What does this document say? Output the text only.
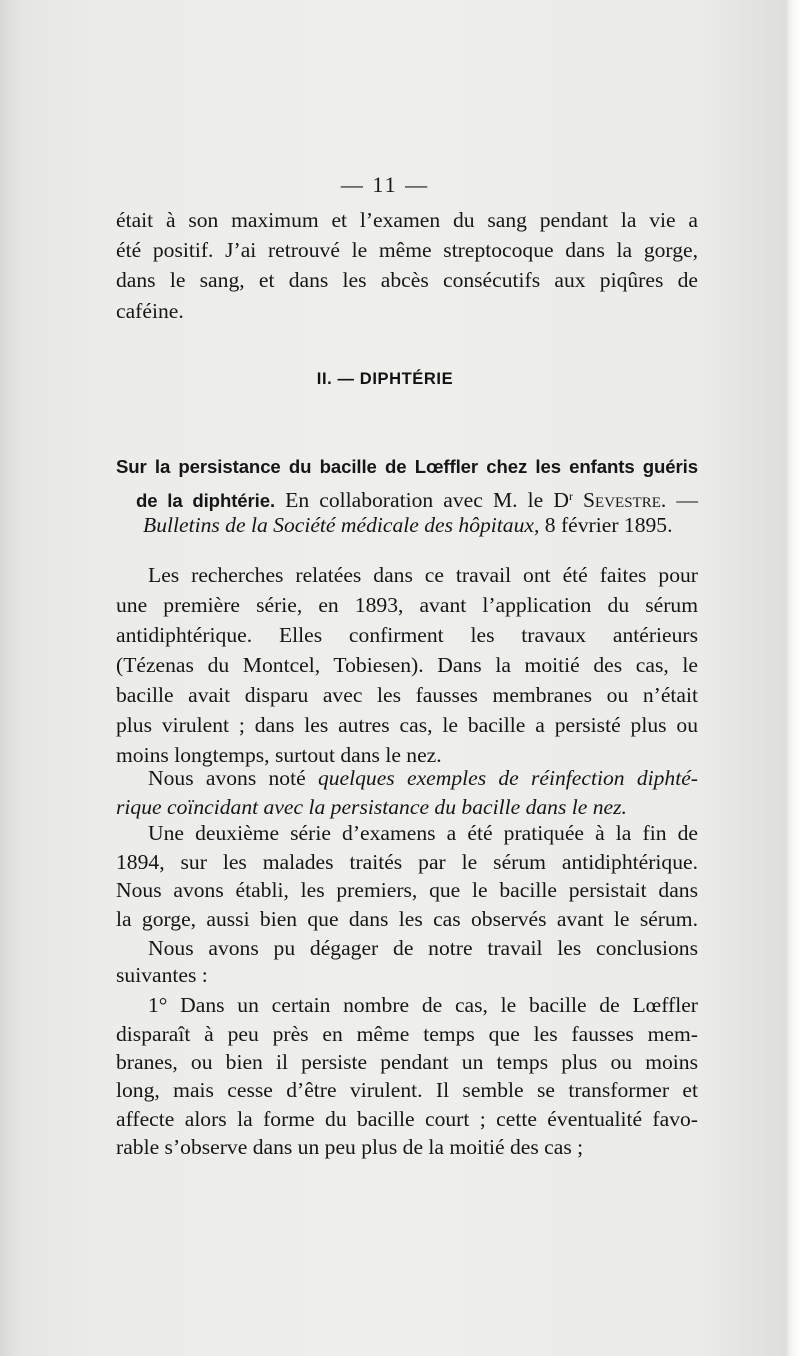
— 11 —
était à son maximum et l’examen du sang pendant la vie a
été positif. J’ai retrouvé le même streptocoque dans la gorge,
dans le sang, et dans les abcès consécutifs aux piqûres de
caféine.
II. — DIPHTÉRIE
Sur la persistance du bacille de Lœffler chez les enfants guéris
de la diphtérie. En collaboration avec M. le $D^r$ Sevestre. —
Bulletins de la Société médicale des hôpitaux, 8 février 1895.
Les recherches relatées dans ce travail ont été faites pour
une première série, en 1893, avant l’application du sérum
antidiphtérique. Elles confirment les travaux antérieurs
(Tézenas du Montcel, Tobiesen). Dans la moitié des cas, le
bacille avait disparu avec les fausses membranes ou n’était
plus virulent ; dans les autres cas, le bacille a persisté plus ou
moins longtemps, surtout dans le nez.
Nous avons noté quelques exemples de réinfection diphté-
rique coïncidant avec la persistance du bacille dans le nez.
Une deuxième série d’examens a été pratiquée à la fin de
1894, sur les malades traités par le sérum antidiphtérique.
Nous avons établi, les premiers, que le bacille persistait dans
la gorge, aussi bien que dans les cas observés avant le sérum.
Nous avons pu dégager de notre travail les conclusions
suivantes :
1° Dans un certain nombre de cas, le bacille de Lœffler
disparaît à peu près en même temps que les fausses mem-
branes, ou bien il persiste pendant un temps plus ou moins
long, mais cesse d’être virulent. Il semble se transformer et
affecte alors la forme du bacille court ; cette éventualité favo-
rable s’observe dans un peu plus de la moitié des cas ;
